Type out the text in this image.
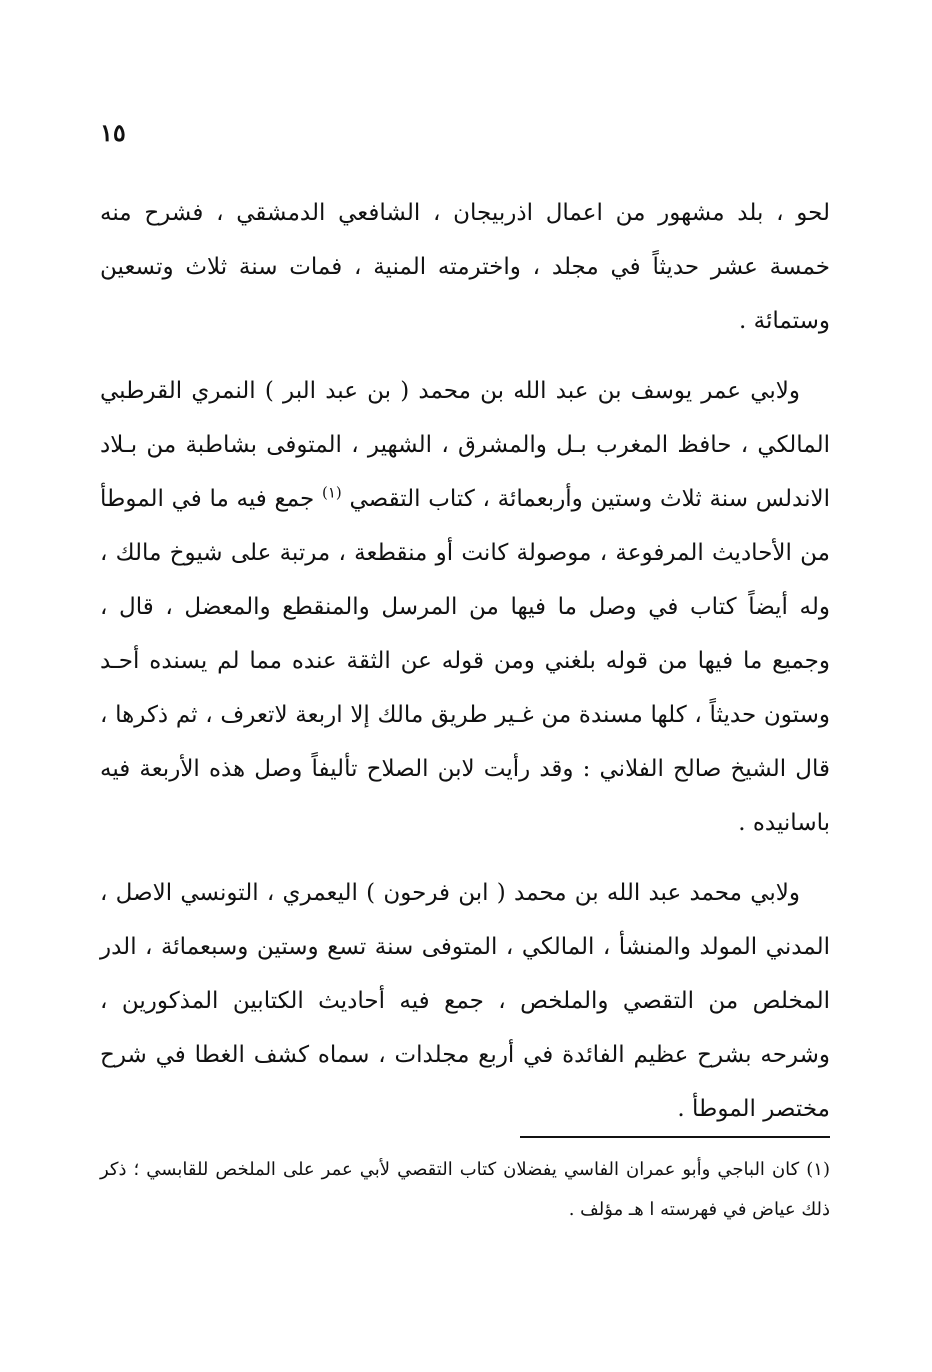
١٥

لحو ، بلد مشهور من اعمال اذربيجان ، الشافعي الدمشقي ، فشرح منه خمسة عشر حديثاً في مجلد ، واخترمته المنية ، فمات سنة ثلاث وتسعين وستمائة .

ولابي عمر يوسف بن عبد الله بن محمد ( بن عبد البر ) النمري القرطبي المالكي ، حافظ المغرب بـل والمشرق ، الشهير ، المتوفى بشاطبة من بـلاد الاندلس سنة ثلاث وستين وأربعمائة ، كتاب التقصي $^{(١)}$ جمع فيه ما في الموطأ من الأحاديث المرفوعة ، موصولة كانت أو منقطعة ، مرتبة على شيوخ مالك ، وله أيضاً كتاب في وصل ما فيها من المرسل والمنقطع والمعضل ، قال ، وجميع ما فيها من قوله بلغني ومن قوله عن الثقة عنده مما لم يسنده أحـد وستون حديثاً ، كلها مسندة من غـير طريق مالك إلا اربعة لاتعرف ، ثم ذكرها ، قال الشيخ صالح الفلاني : وقد رأيت لابن الصلاح تأليفاً وصل هذه الأربعة فيه باسانيده .

ولابي محمد عبد الله بن محمد ( ابن فرحون ) اليعمري ، التونسي الاصل ، المدني المولد والمنشأ ، المالكي ، المتوفى سنة تسع وستين وسبعمائة ، الدر المخلص من التقصي والملخص ، جمع فيه أحاديث الكتابين المذكورين ، وشرحه بشرح عظيم الفائدة في أربع مجلدات ، سماه كشف الغطا في شرح مختصر الموطأ .

(١) كان الباجي وأبو عمران الفاسي يفضلان كتاب التقصي لأبي عمر على الملخص للقابسي ؛ ذكر ذلك عياض في فهرسته ا هـ مؤلف .
